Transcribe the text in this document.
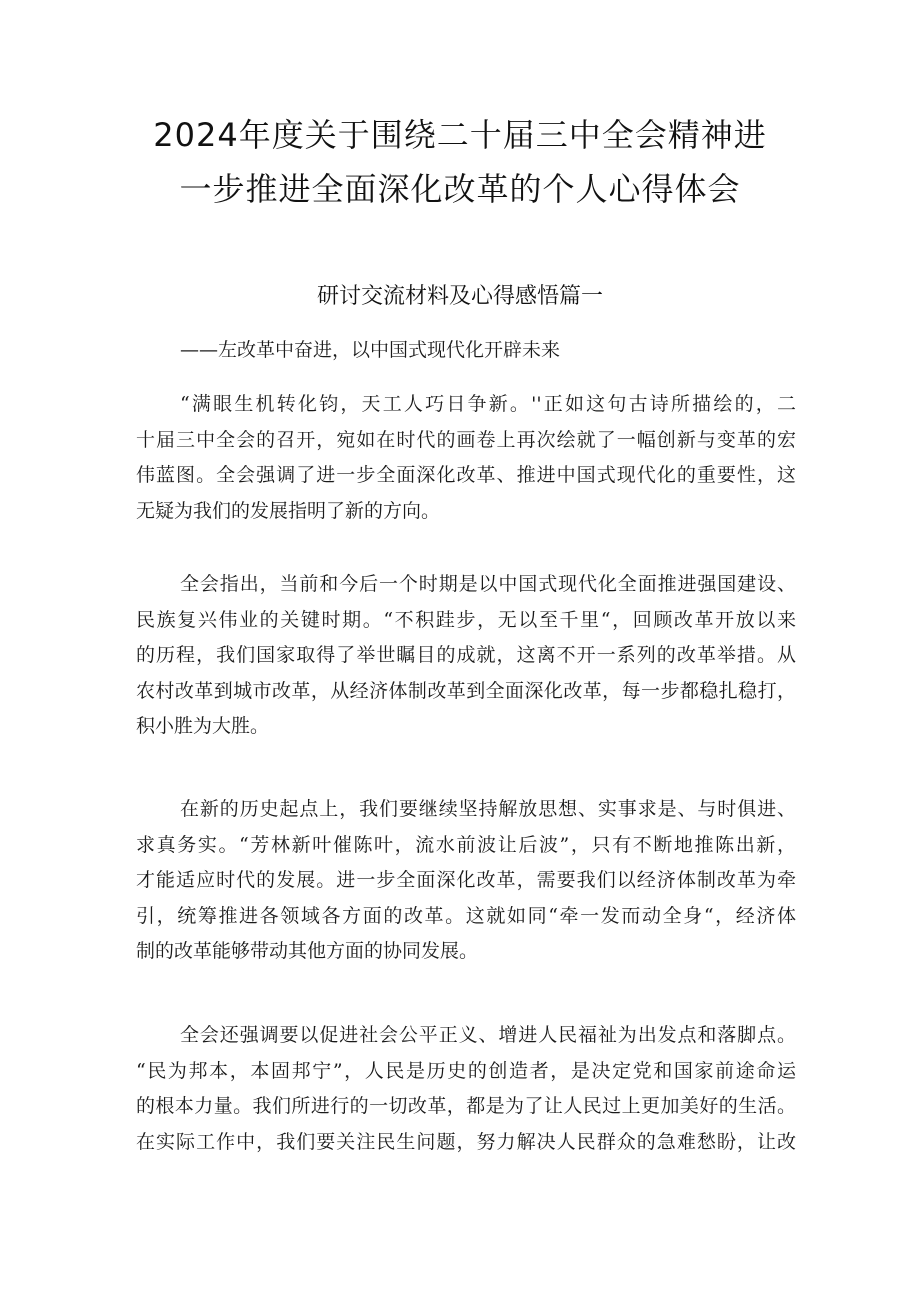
2024年度关于围绕二十届三中全会精神进
一步推进全面深化改革的个人心得体会
研讨交流材料及心得感悟篇一
——左改革中奋进，以中国式现代化开辟未来
“满眼生机转化钧，天工人巧日争新。''正如这句古诗所描绘的，二
十届三中全会的召开，宛如在时代的画卷上再次绘就了一幅创新与变革的宏
伟蓝图。全会强调了进一步全面深化改革、推进中国式现代化的重要性，这
无疑为我们的发展指明了新的方向。
全会指出，当前和今后一个时期是以中国式现代化全面推进强国建设、
民族复兴伟业的关键时期。“不积跬步，无以至千里“，回顾改革开放以来
的历程，我们国家取得了举世瞩目的成就，这离不开一系列的改革举措。从
农村改革到城市改革，从经济体制改革到全面深化改革，每一步都稳扎稳打，
积小胜为大胜。
在新的历史起点上，我们要继续坚持解放思想、实事求是、与时俱进、
求真务实。“芳林新叶催陈叶，流水前波让后波”，只有不断地推陈出新，
才能适应时代的发展。进一步全面深化改革，需要我们以经济体制改革为牵
引，统筹推进各领域各方面的改革。这就如同“牵一发而动全身“，经济体
制的改革能够带动其他方面的协同发展。
全会还强调要以促进社会公平正义、增进人民福祉为出发点和落脚点。
“民为邦本，本固邦宁”，人民是历史的创造者，是决定党和国家前途命运
的根本力量。我们所进行的一切改革，都是为了让人民过上更加美好的生活。
在实际工作中，我们要关注民生问题，努力解决人民群众的急难愁盼，让改
